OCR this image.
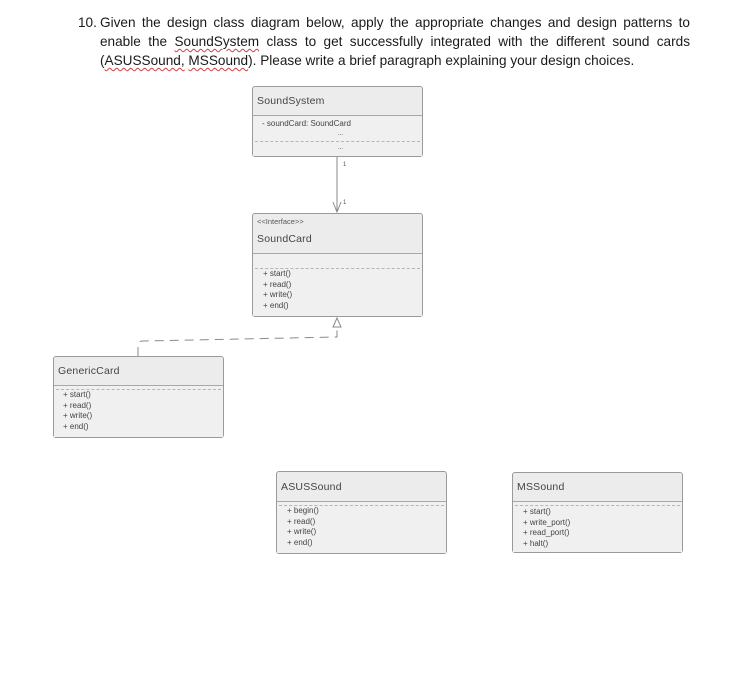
10. Given the design class diagram below, apply the appropriate changes and design patterns to enable the SoundSystem class to get successfully integrated with the different sound cards (ASUSSound, MSSound). Please write a brief paragraph explaining your design choices.
1
1
SoundSystem
- soundCard: SoundCard
...
...
<<Interface>>
SoundCard
+ start()
+ read()
+ write()
+ end()
GenericCard
+ start()
+ read()
+ write()
+ end()
ASUSSound
+ begin()
+ read()
+ write()
+ end()
MSSound
+ start()
+ write_port()
+ read_port()
+ halt()
